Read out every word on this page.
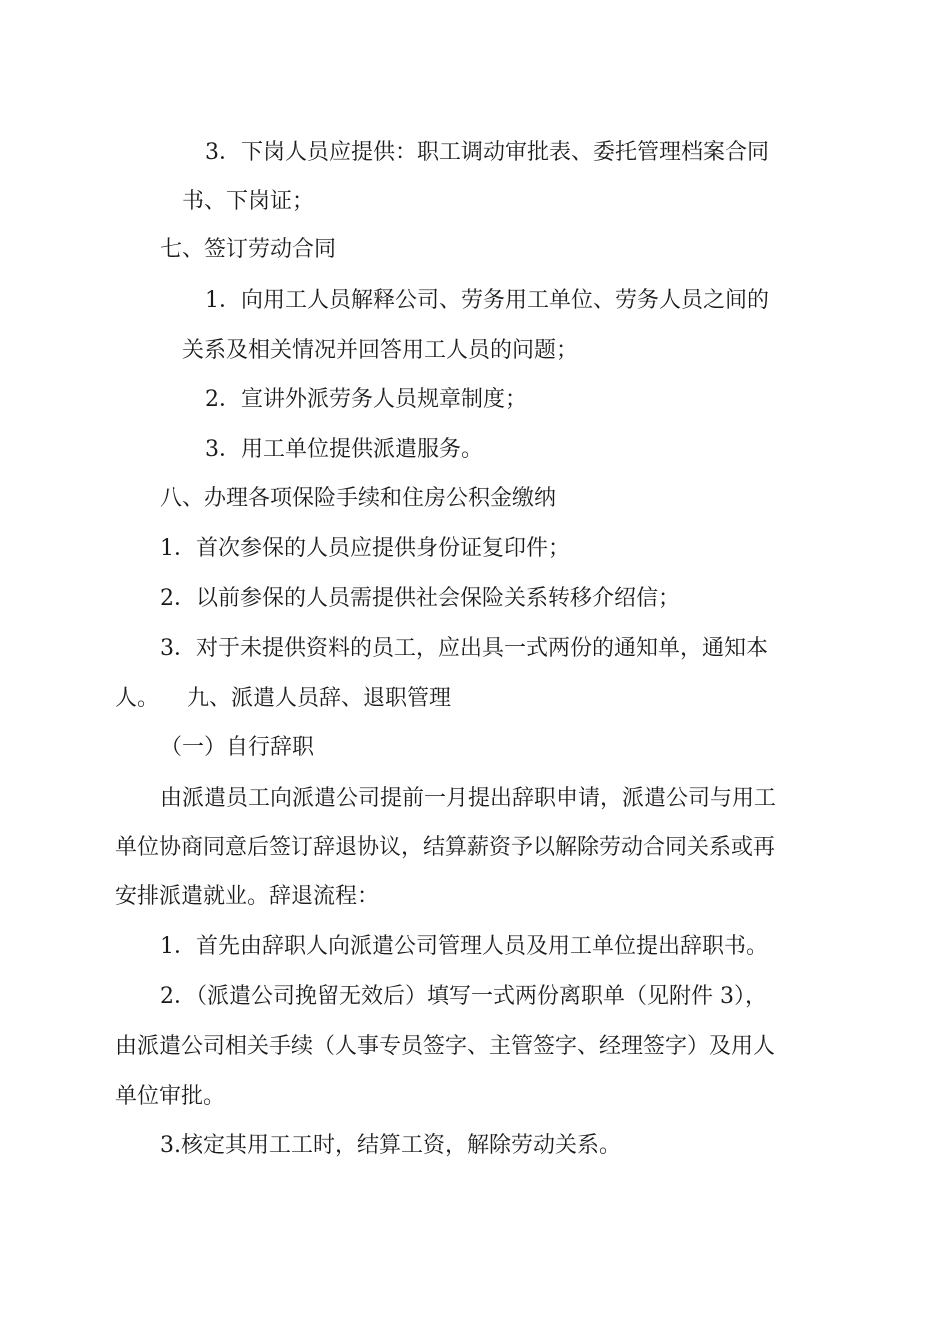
3．下岗人员应提供：职工调动审批表、委托管理档案合同
书、下岗证；
七、签订劳动合同
1．向用工人员解释公司、劳务用工单位、劳务人员之间的
关系及相关情况并回答用工人员的问题；
2．宣讲外派劳务人员规章制度；
3．用工单位提供派遣服务。
八、办理各项保险手续和住房公积金缴纳
1．首次参保的人员应提供身份证复印件；
2．以前参保的人员需提供社会保险关系转移介绍信；
3．对于未提供资料的员工，应出具一式两份的通知单，通知本
人。    九、派遣人员辞、退职管理
（一）自行辞职
由派遣员工向派遣公司提前一月提出辞职申请，派遣公司与用工
单位协商同意后签订辞退协议，结算薪资予以解除劳动合同关系或再
安排派遣就业。辞退流程：
1．首先由辞职人向派遣公司管理人员及用工单位提出辞职书。
2．（派遣公司挽留无效后）填写一式两份离职单（见附件 3），
由派遣公司相关手续（人事专员签字、主管签字、经理签字）及用人
单位审批。
3.核定其用工工时，结算工资，解除劳动关系。
